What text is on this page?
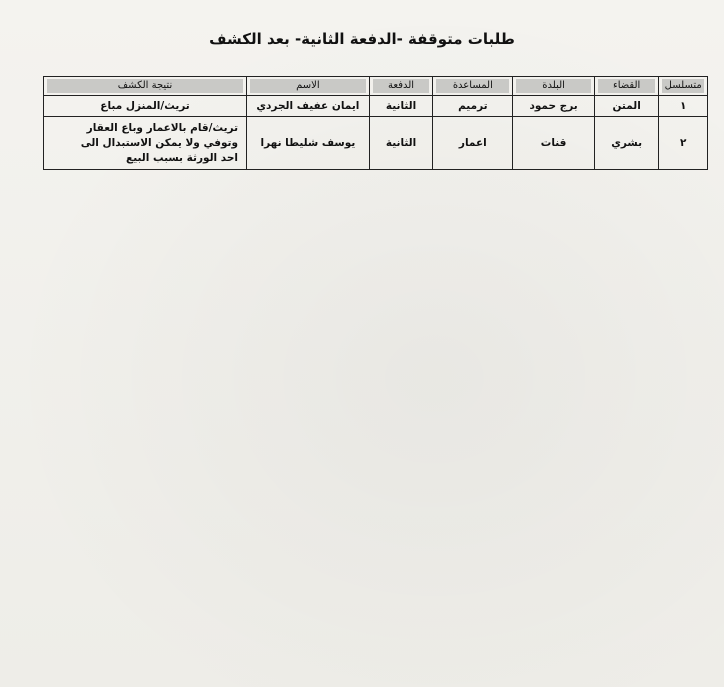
طلبات متوقفة -الدفعة الثانية- بعد الكشف
متسلسل	القضاء	البلدة	المساعدة	الدفعة	الاسم	نتيجة الكشف
١	المتن	برج حمود	ترميم	الثانية	ايمان عفيف الجردي	تريث/المنزل مباع
٢	بشري	قنات	اعمار	الثانية	يوسف شليطا نهرا	تريث/قام بالاعمار وباع العقار
وتوفي ولا يمكن الاستبدال الى
احد الورثة بسبب البيع
